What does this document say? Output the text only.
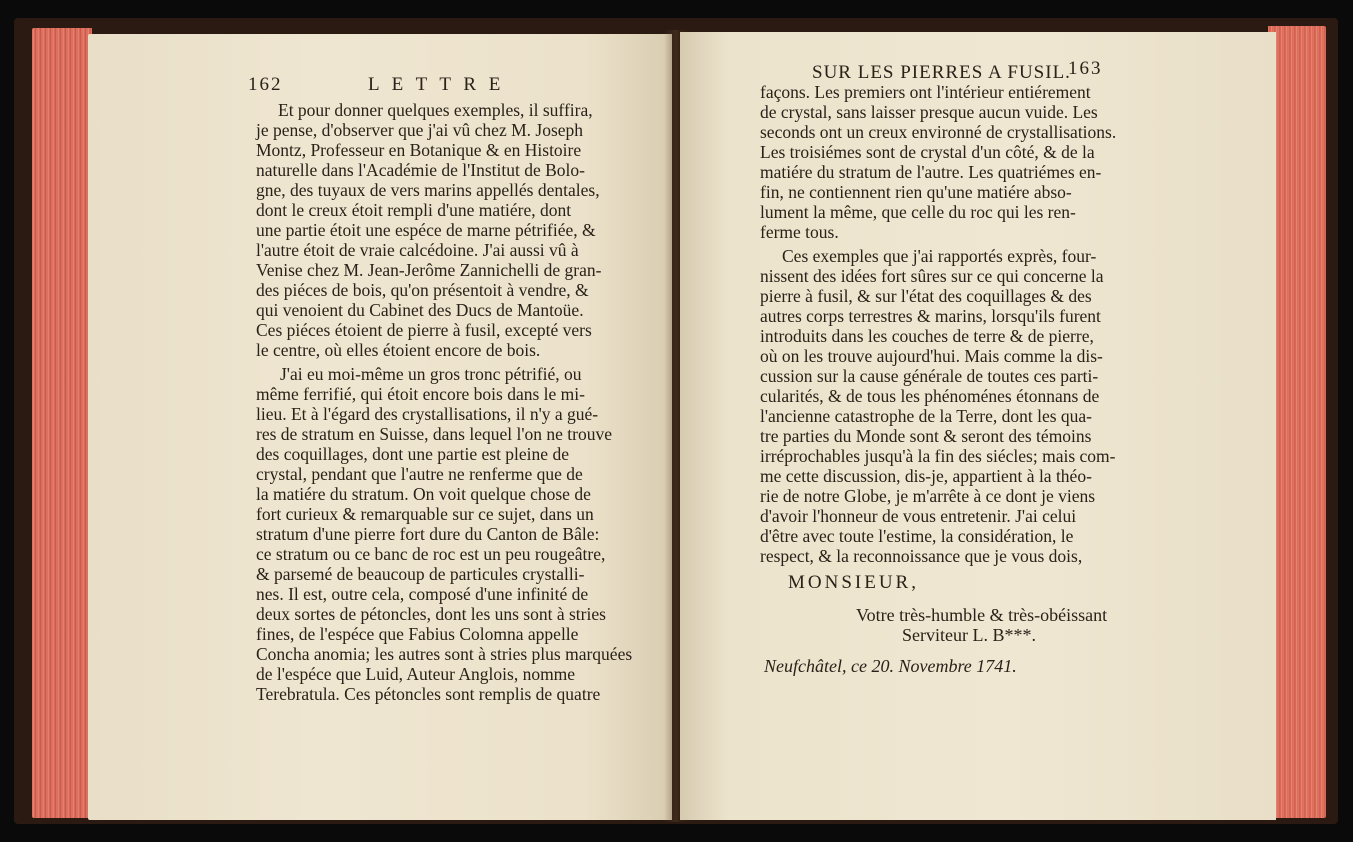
162	L E T T R E
Et pour donner quelques exemples, il suffira,
je pense, d'observer que j'ai vû chez M. Joseph
Montz, Professeur en Botanique & en Histoire
naturelle dans l'Académie de l'Institut de Bolo-
gne, des tuyaux de vers marins appellés dentales,
dont le creux étoit rempli d'une matiére, dont
une partie étoit une espéce de marne pétrifiée, &
l'autre étoit de vraie calcédoine. J'ai aussi vû à
Venise chez M. Jean-Jerôme Zannichelli de gran-
des piéces de bois, qu'on présentoit à vendre, &
qui venoient du Cabinet des Ducs de Mantoüe.
Ces piéces étoient de pierre à fusil, excepté vers
le centre, où elles étoient encore de bois.
J'ai eu moi-même un gros tronc pétrifié, ou
même ferrifié, qui étoit encore bois dans le mi-
lieu. Et à l'égard des crystallisations, il n'y a gué-
res de stratum en Suisse, dans lequel l'on ne trouve
des coquillages, dont une partie est pleine de
crystal, pendant que l'autre ne renferme que de
la matiére du stratum. On voit quelque chose de
fort curieux & remarquable sur ce sujet, dans un
stratum d'une pierre fort dure du Canton de Bâle:
ce stratum ou ce banc de roc est un peu rougeâtre,
& parsemé de beaucoup de particules crystalli-
nes. Il est, outre cela, composé d'une infinité de
deux sortes de pétoncles, dont les uns sont à stries
fines, de l'espéce que Fabius Colomna appelle
Concha anomia; les autres sont à stries plus marquées
de l'espéce que Luid, Auteur Anglois, nomme
Terebratula. Ces pétoncles sont remplis de quatre
SUR LES PIERRES A FUSIL.
163
façons. Les premiers ont l'intérieur entiérement
de crystal, sans laisser presque aucun vuide. Les
seconds ont un creux environné de crystallisations.
Les troisiémes sont de crystal d'un côté, & de la
matiére du stratum de l'autre. Les quatriémes en-
fin, ne contiennent rien qu'une matiére abso-
lument la même, que celle du roc qui les ren-
ferme tous.
Ces exemples que j'ai rapportés exprès, four-
nissent des idées fort sûres sur ce qui concerne la
pierre à fusil, & sur l'état des coquillages & des
autres corps terrestres & marins, lorsqu'ils furent
introduits dans les couches de terre & de pierre,
où on les trouve aujourd'hui. Mais comme la dis-
cussion sur la cause générale de toutes ces parti-
cularités, & de tous les phénoménes étonnans de
l'ancienne catastrophe de la Terre, dont les qua-
tre parties du Monde sont & seront des témoins
irréprochables jusqu'à la fin des siécles; mais com-
me cette discussion, dis-je, appartient à la théo-
rie de notre Globe, je m'arrête à ce dont je viens
d'avoir l'honneur de vous entretenir. J'ai celui
d'être avec toute l'estime, la considération, le
respect, & la reconnoissance que je vous dois,
MONSIEUR,
Votre très-humble & très-obéissant
Serviteur L. B***.
Neufchâtel, ce 20. Novembre 1741.
